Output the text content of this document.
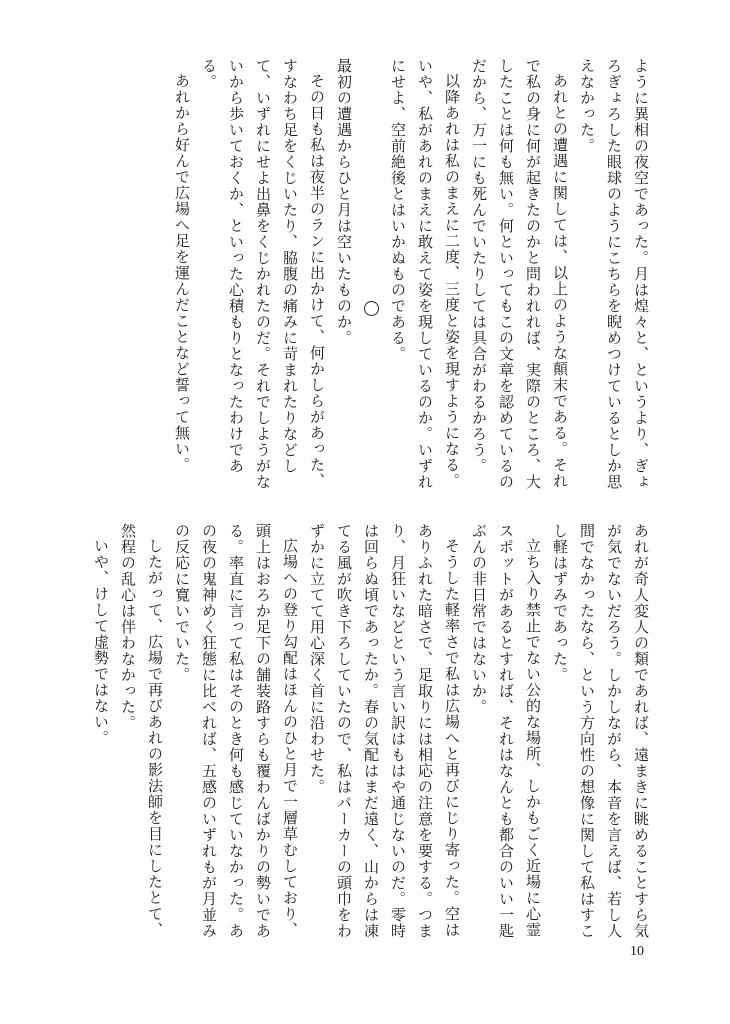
ように異相の夜空であった。月は煌々と、というより、ぎょろぎょろした眼球のようにこちらを睨めつけているとしか思えなかった。

あれとの遭遇に関しては、以上のような顛末である。それで私の身に何が起きたのかと問われれば、実際のところ、大したことは何も無い。何といってもこの文章を認めているのだから、万一にも死んでいたりしては具合がわるかろう。

以降あれは私のまえに二度、三度と姿を現すようになる。いや、私があれのまえに敢えて姿を現しているのか。いずれにせよ、空前絶後とはいかぬものである。

最初の遭遇からひと月は空いたものか。

その日も私は夜半のランに出かけて、何かしらがあった、すなわち足をくじいたり、脇腹の痛みに苛まれたりなどして、いずれにせよ出鼻をくじかれたのだ。それでしようがないから歩いておくか、といった心積もりとなったわけである。

あれから好んで広場へ足を運んだことなど誓って無い。

あれが奇人変人の類であれば、遠まきに眺めることすら気が気でないだろう。しかしながら、本音を言えば、若し人間でなかったなら、という方向性の想像に関して私はすこし軽はずみであった。

立ち入り禁止でない公的な場所、しかもごく近場に心霊スポットがあるとすれば、それはなんとも都合のいい一匙ぶんの非日常ではないか。

そうした軽率さで私は広場へと再びにじり寄った。空はありふれた暗さで、足取りには相応の注意を要する。つまり、月狂いなどという言い訳はもはや通じないのだ。零時は回らぬ頃であったか。春の気配はまだ遠く、山からは凍てる風が吹き下ろしていたので、私はパーカーの頭巾をわずかに立てて用心深く首に沿わせた。

広場への登り勾配はほんのひと月で一層草むしており、頭上はおろか足下の舗装路すらも覆わんばかりの勢いである。率直に言って私はそのとき何も感じていなかった。あの夜の鬼神めく狂態に比べれば、五感のいずれもが月並みの反応に寛いでいた。

したがって、広場で再びあれの影法師を目にしたとて、然程の乱心は伴わなかった。

いや、けして虚勢ではない。

10
